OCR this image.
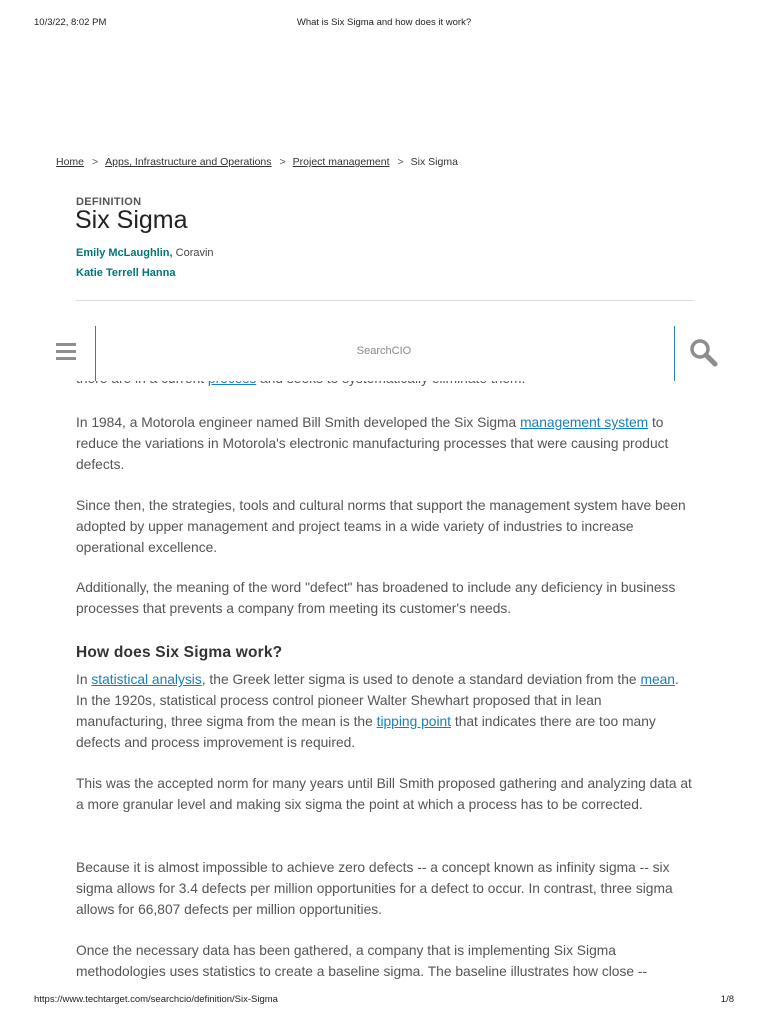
10/3/22, 8:02 PM	What is Six Sigma and how does it work?
Home > Apps, Infrastructure and Operations > Project management > Six Sigma
DEFINITION
Six Sigma
Emily McLaughlin, Coravin
Katie Terrell Hanna

SearchCIO
In 1984, a Motorola engineer named Bill Smith developed the Six Sigma management system to reduce the variations in Motorola's electronic manufacturing processes that were causing product defects.
Since then, the strategies, tools and cultural norms that support the management system have been adopted by upper management and project teams in a wide variety of industries to increase operational excellence.
Additionally, the meaning of the word "defect" has broadened to include any deficiency in business processes that prevents a company from meeting its customer's needs.
How does Six Sigma work?
In statistical analysis, the Greek letter sigma is used to denote a standard deviation from the mean. In the 1920s, statistical process control pioneer Walter Shewhart proposed that in lean manufacturing, three sigma from the mean is the tipping point that indicates there are too many defects and process improvement is required.
This was the accepted norm for many years until Bill Smith proposed gathering and analyzing data at a more granular level and making six sigma the point at which a process has to be corrected.
Because it is almost impossible to achieve zero defects -- a concept known as infinity sigma -- six sigma allows for 3.4 defects per million opportunities for a defect to occur. In contrast, three sigma allows for 66,807 defects per million opportunities.
Once the necessary data has been gathered, a company that is implementing Six Sigma methodologies uses statistics to create a baseline sigma. The baseline illustrates how close --
https://www.techtarget.com/searchcio/definition/Six-Sigma	1/8
